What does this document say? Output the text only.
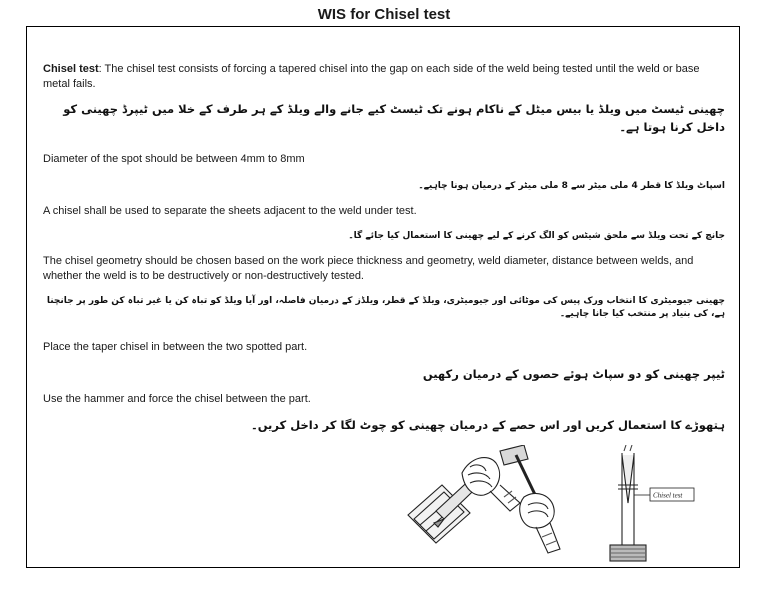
WIS for Chisel test

Chisel test: The chisel test consists of forcing a tapered chisel into the gap on each side of the weld being tested until the weld or base metal fails.

چھینی ٹیسٹ میں ویلڈ یا بیس میٹل کے ناکام ہونے تک ٹیسٹ کیے جانے والے ویلڈ کے ہر طرف کے خلا میں ٹیپرڈ چھینی کو داخل کرنا ہوتا ہے۔

Diameter of the spot should be between 4mm to 8mm

اسپاٹ ویلڈ کا قطر 4 ملی میٹر سے 8 ملی میٹر کے درمیان ہونا چاہیے۔

A chisel shall be used to separate the sheets adjacent to the weld under test.

جانچ کے تحت ویلڈ سے ملحق شیٹس کو الگ کرنے کے لیے چھینی کا استعمال کیا جائے گا۔

The chisel geometry should be chosen based on the work piece thickness and geometry, weld diameter, distance between welds, and whether the weld is to be destructively or non-destructively tested.

چھینی جیومیٹری کا انتخاب ورک پیس کی موٹائی اور جیومیٹری، ویلڈ کے قطر، ویلڈز کے درمیان فاصلہ، اور آیا ویلڈ کو تباہ کن یا غیر تباہ کن طور پر جانچنا ہے، کی بنیاد پر منتخب کیا جانا چاہیے۔

Place the taper chisel in between the two spotted part.

ٹیپر چھینی کو دو سپاٹ ہوئے حصوں کے درمیان رکھیں

Use the hammer and force the chisel between the part.

ہتھوڑے کا استعمال کریں اور اس حصے کے درمیان چھینی کو چوٹ لگا کر داخل کریں۔

Chisel test
